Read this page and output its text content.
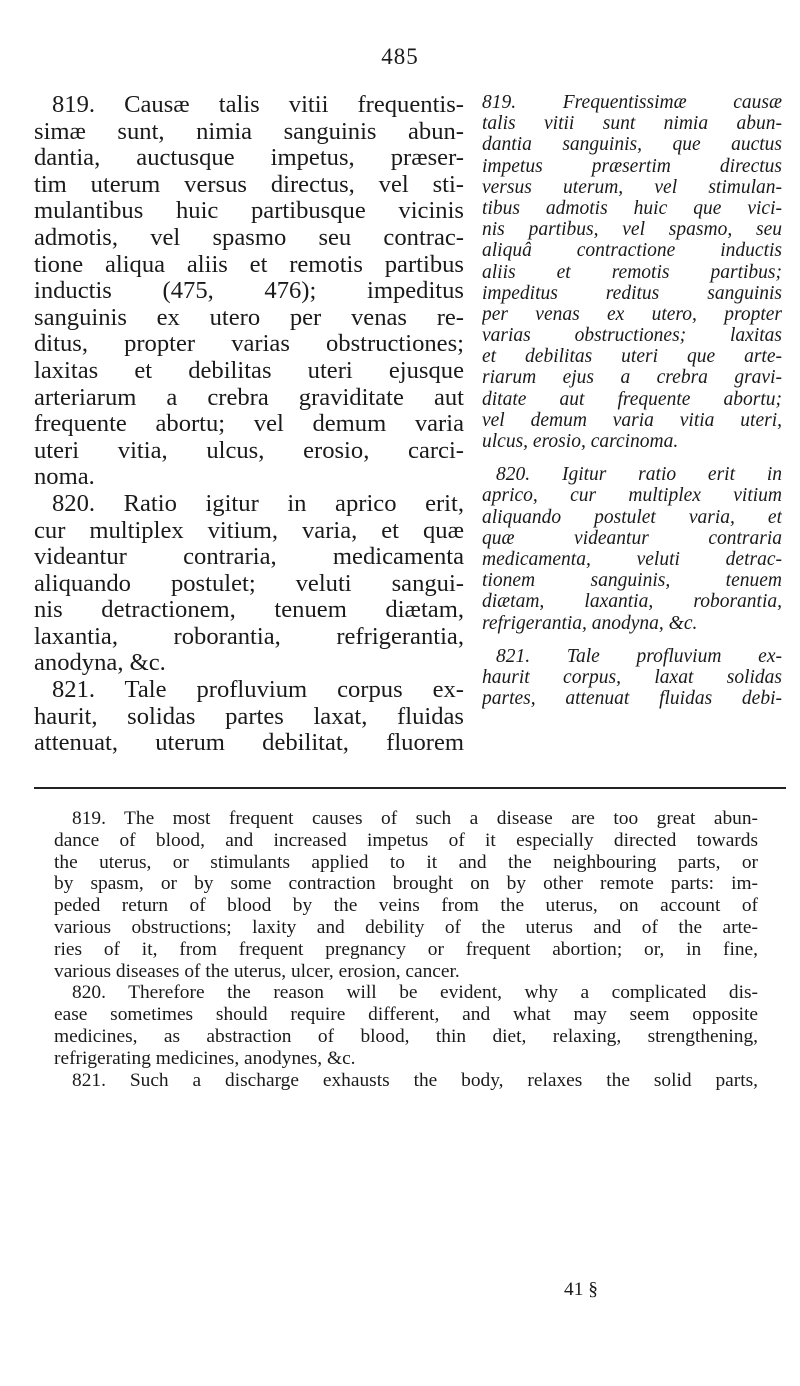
485
819. Causæ talis vitii frequentis-
simæ sunt, nimia sanguinis abun-
dantia, auctusque impetus, præser-
tim uterum versus directus, vel sti-
mulantibus huic partibusque vicinis
admotis, vel spasmo seu contrac-
tione aliqua aliis et remotis partibus
inductis (475, 476); impeditus
sanguinis ex utero per venas re-
ditus, propter varias obstructiones;
laxitas et debilitas uteri ejusque
arteriarum a crebra graviditate aut
frequente abortu; vel demum varia
uteri vitia, ulcus, erosio, carci-
noma.
820. Ratio igitur in aprico erit,
cur multiplex vitium, varia, et quæ
videantur contraria, medicamenta
aliquando postulet; veluti sangui-
nis detractionem, tenuem diætam,
laxantia, roborantia, refrigerantia,
anodyna, &c.
821. Tale profluvium corpus ex-
haurit, solidas partes laxat, fluidas
attenuat, uterum debilitat, fluorem
819. Frequentissimæ causæ
talis vitii sunt nimia abun-
dantia sanguinis, que auctus
impetus præsertim directus
versus uterum, vel stimulan-
tibus admotis huic que vici-
nis partibus, vel spasmo, seu
aliquâ contractione inductis
aliis et remotis partibus;
impeditus reditus sanguinis
per venas ex utero, propter
varias obstructiones; laxitas
et debilitas uteri que arte-
riarum ejus a crebra gravi-
ditate aut frequente abortu;
vel demum varia vitia uteri,
ulcus, erosio, carcinoma.
820. Igitur ratio erit in
aprico, cur multiplex vitium
aliquando postulet varia, et
quæ videantur contraria
medicamenta, veluti detrac-
tionem sanguinis, tenuem
diætam, laxantia, roborantia,
refrigerantia, anodyna, &c.
821. Tale profluvium ex-
haurit corpus, laxat solidas
partes, attenuat fluidas debi-
819. The most frequent causes of such a disease are too great abun-
dance of blood, and increased impetus of it especially directed towards
the uterus, or stimulants applied to it and the neighbouring parts, or
by spasm, or by some contraction brought on by other remote parts: im-
peded return of blood by the veins from the uterus, on account of
various obstructions; laxity and debility of the uterus and of the arte-
ries of it, from frequent pregnancy or frequent abortion; or, in fine,
various diseases of the uterus, ulcer, erosion, cancer.
820. Therefore the reason will be evident, why a complicated dis-
ease sometimes should require different, and what may seem opposite
medicines, as abstraction of blood, thin diet, relaxing, strengthening,
refrigerating medicines, anodynes, &c.
821. Such a discharge exhausts the body, relaxes the solid parts,
41 §
